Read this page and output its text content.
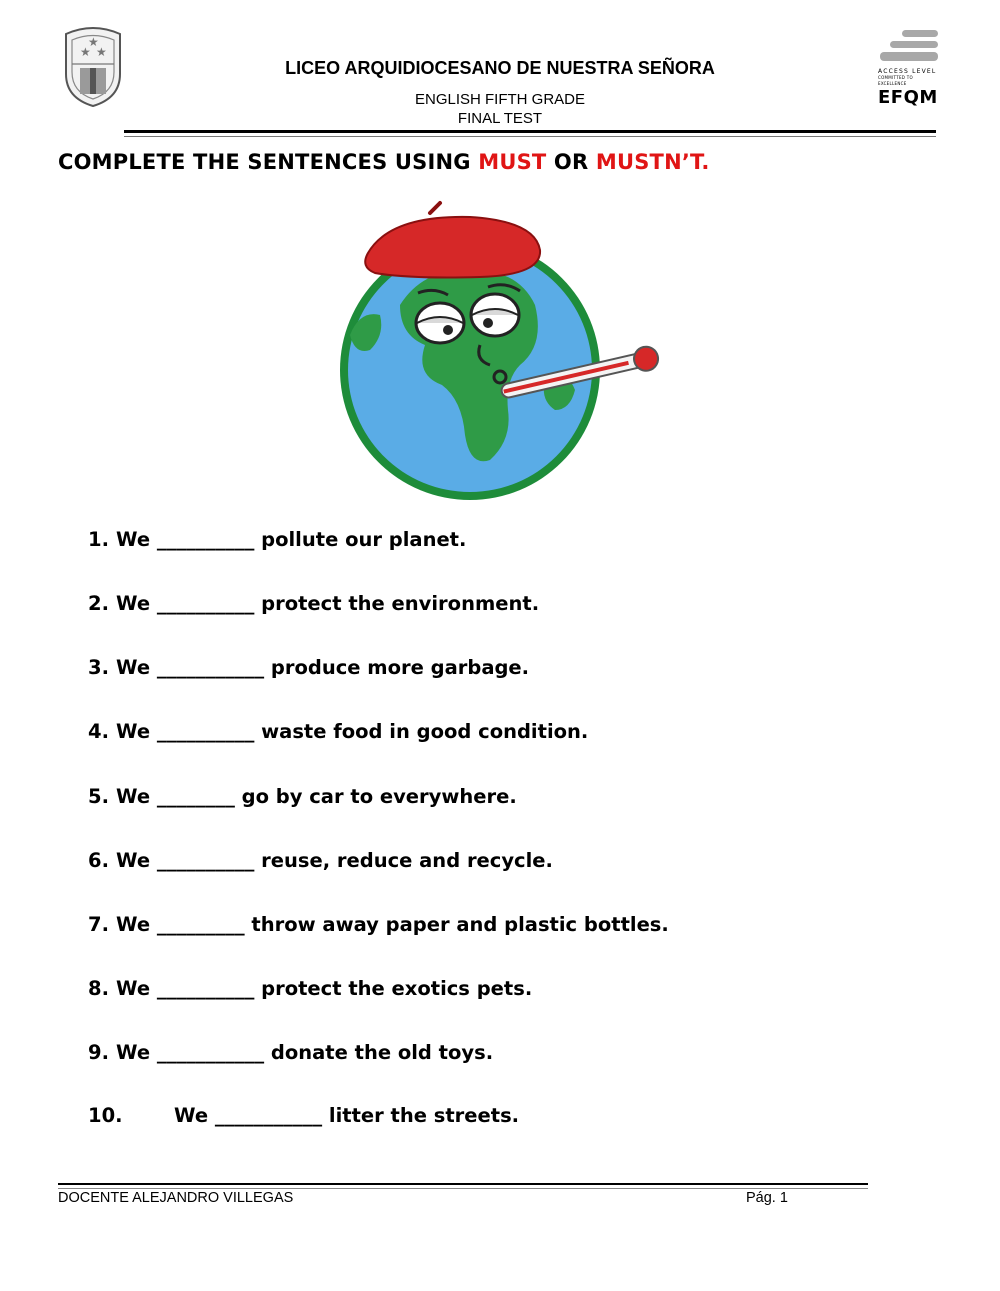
★
★
★
LICEO ARQUIDIOCESANO DE NUESTRA SEÑORA
ENGLISH FIFTH GRADE
FINAL TEST
ACCESS LEVEL
COMMITTED TO EXCELLENCE
EFQM
COMPLETE THE SENTENCES USING MUST OR MUSTN’T.
1. We __________ pollute our planet.
2. We __________ protect the environment.
3. We ___________ produce more garbage.
4. We __________ waste food in good condition.
5. We ________ go by car to everywhere.
6. We __________ reuse, reduce and recycle.
7. We _________ throw away paper and plastic bottles.
8. We __________ protect the exotics pets.
9. We ___________ donate the old toys.
10.	We ___________ litter the streets.
DOCENTE ALEJANDRO VILLEGAS	Pág. 1
